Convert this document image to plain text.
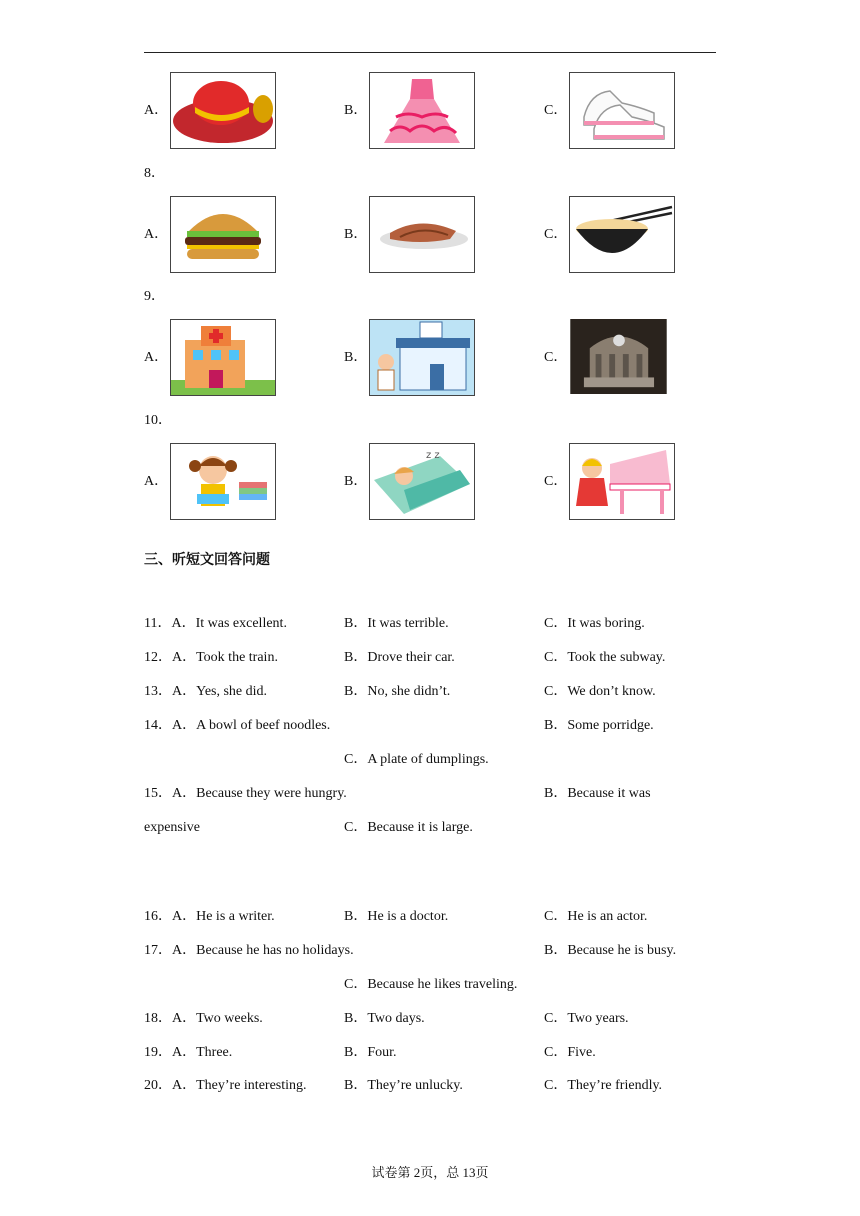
A．	B．	C．
8．
A．	B．	C．
9．
A．	B．	C．
10．
A．	B．
z z
C．
三、听短文回答问题
11．A．It was excellent.	B．It was terrible.	C．It was boring.
12．A．Took the train.	B．Drove their car.	C．Took the subway.
13．A．Yes, she did.	B．No, she didn’t.	C．We don’t know.
14．A．A bowl of beef noodles.	B．Some porridge.
C．A plate of dumplings.
15．A．Because they were hungry.	B．Because it was
expensive	C．Because it is large.
16．A．He is a writer.	B．He is a doctor.	C．He is an actor.
17．A．Because he has no holidays.	B．Because he is busy.
C．Because he likes traveling.
18．A．Two weeks.	B．Two days.	C．Two years.
19．A．Three.	B．Four.	C．Five.
20．A．They’re interesting.	B．They’re unlucky.	C．They’re friendly.
试卷第 2页，总 13页
